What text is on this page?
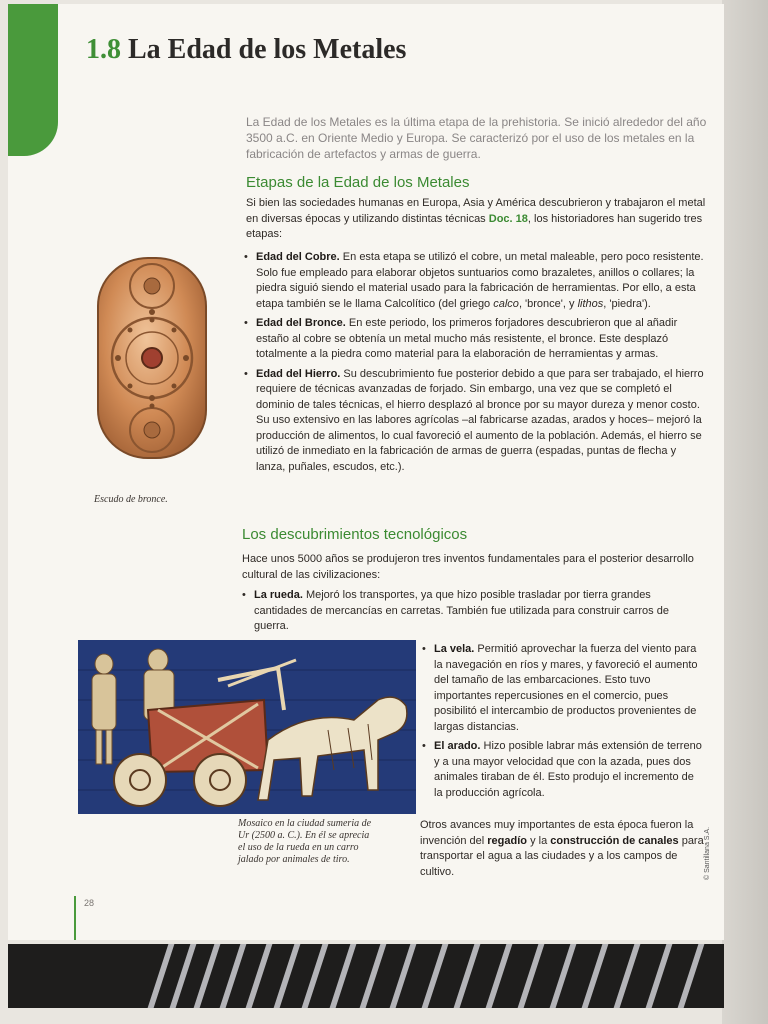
1.8 La Edad de los Metales

La Edad de los Metales es la última etapa de la prehistoria. Se inició alrededor del año 3500 a.C. en Oriente Medio y Europa. Se caracterizó por el uso de los metales en la fabricación de artefactos y armas de guerra.

Etapas de la Edad de los Metales

Si bien las sociedades humanas en Europa, Asia y América descubrieron y trabajaron el metal en diversas épocas y utilizando distintas técnicas Doc. 18, los historiadores han sugerido tres etapas:

• Edad del Cobre. En esta etapa se utilizó el cobre, un metal maleable, pero poco resistente. Solo fue empleado para elaborar objetos suntuarios como brazaletes, anillos o collares; la piedra siguió siendo el material usado para la fabricación de herramientas. Por ello, a esta etapa también se le llama Calcolítico (del griego calco, 'bronce', y lithos, 'piedra').
• Edad del Bronce. En este periodo, los primeros forjadores descubrieron que al añadir estaño al cobre se obtenía un metal mucho más resistente, el bronce. Este desplazó totalmente a la piedra como material para la elaboración de herramientas y armas.
• Edad del Hierro. Su descubrimiento fue posterior debido a que para ser trabajado, el hierro requiere de técnicas avanzadas de forjado. Sin embargo, una vez que se completó el dominio de tales técnicas, el hierro desplazó al bronce por su mayor dureza y menor costo. Su uso extensivo en las labores agrícolas –al fabricarse azadas, arados y hoces– mejoró la producción de alimentos, lo cual favoreció el aumento de la población. Además, el hierro se utilizó de inmediato en la fabricación de armas de guerra (espadas, puntas de flecha y lanza, puñales, escudos, etc.).

Escudo de bronce.

Los descubrimientos tecnológicos

Hace unos 5000 años se produjeron tres inventos fundamentales para el posterior desarrollo cultural de las civilizaciones:

• La rueda. Mejoró los transportes, ya que hizo posible trasladar por tierra grandes cantidades de mercancías en carretas. También fue utilizada para construir carros de guerra.

Mosaico en la ciudad sumeria de Ur (2500 a. C.). En él se aprecia el uso de la rueda en un carro jalado por animales de tiro.

• La vela. Permitió aprovechar la fuerza del viento para la navegación en ríos y mares, y favoreció el aumento del tamaño de las embarcaciones. Esto tuvo importantes repercusiones en el comercio, pues posibilitó el intercambio de productos provenientes de largas distancias.
• El arado. Hizo posible labrar más extensión de terreno y a una mayor velocidad que con la azada, pues dos animales tiraban de él. Esto produjo el incremento de la producción agrícola.

Otros avances muy importantes de esta época fueron la invención del regadío y la construcción de canales para transportar el agua a las ciudades y a los campos de cultivo.

28
© Santillana S.A.
